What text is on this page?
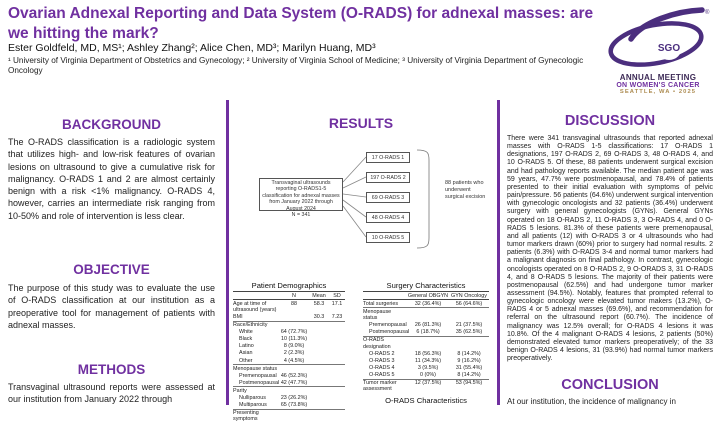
Ovarian Adnexal Reporting and Data System (O-RADS) for adnexal masses: are we hitting the mark?
Ester Goldfeld, MD, MS¹; Ashley Zhang²; Alice Chen, MD³; Marilyn Huang, MD³
¹ University of Virginia Department of Obstetrics and Gynecology; ² University of Virginia School of Medicine; ³ University of Virginia Department of Gynecologic Oncology
SGO
®
ANNUAL MEETING
ON WOMEN'S CANCER
SEATTLE, WA • 2025
BACKGROUND
The O-RADS classification is a radiologic system that utilizes high- and low-risk features of ovarian lesions on ultrasound to give a cumulative risk for malignancy. O-RADS 1 and 2 are almost certainly benign with a risk <1% malignancy. O-RADS 4, however, carries an intermediate risk ranging from 10-50% and role of intervention is less clear.
OBJECTIVE
The purpose of this study was to evaluate the use of O-RADS classification at our institution as a preoperative tool for management of patients with adnexal masses.
METHODS
Transvaginal ultrasound reports were assessed at our institution from January 2022 through
RESULTS
Transvaginal ultrasounds reporting O-RADS1-5 classification for adnexal masses from January 2022 through August 2024
N = 341
17 O-RADS 1
197 O-RADS 2
69 O-RADS 3
48 O-RADS 4
10 O-RADS 5
88 patients who underwent surgical excision
Patient Demographics
	N	Mean	SD
Age at time of ultrasound (years)	88	58.3	17.1
BMI		30.3	7.23
Race/Ethnicity			
White	64 (72.7%)		
Black	10 (11.3%)		
Latino	8 (9.0%)		
Asian	2 (2.3%)		
Other	4 (4.5%)		
Menopause status			
Premenopausal	46 (52.3%)		
Postmenopausal	42 (47.7%)		
Parity			
Nulliparous	23 (26.2%)		
Multiparous	65 (73.8%)		
Presenting symptoms			
Surgery Characteristics
	General OBGYN	GYN Oncology
Total surgeries	32 (36.4%)	56 (64.6%)
Menopause status		
Premenopausal	26 (81.3%)	21 (37.5%)
Postmenopausal	6 (18.7%)	35 (62.5%)
O-RADS designation		
O-RADS 2	18 (56.3%)	8 (14.2%)
O-RADS 3	11 (34.3%)	9 (16.2%)
O-RADS 4	3 (9.5%)	31 (55.4%)
O-RADS 5	0 (0%)	8 (14.2%)
Tumor marker assessment	12 (37.5%)	53 (94.5%)
O-RADS Characteristics
DISCUSSION
There were 341 transvaginal ultrasounds that reported adnexal masses with O-RADS 1-5 classifications: 17 O-RADS 1 designations, 197 O-RADS 2, 69 O-RADS 3, 48 O-RADS 4, and 10 O-RADS 5. Of these, 88 patients underwent surgical excision and had pathology reports available. The median patient age was 59 years, 47.7% were postmenopausal, and 78.4% of patients presented to their initial evaluation with symptoms of pelvic pain/pressure. 56 patients (64.6%) underwent surgical intervention with gynecologic oncologists and 32 patients (36.4%) underwent surgery with general gynecologists (GYNs). General GYNs operated on 18 O-RADS 2, 11 O-RADS 3, 3 O-RADS 4, and 0 O-RADS 5 lesions. 81.3% of these patients were premenopausal, and all patients (12) with O-RADS 3 or 4 ultrasounds who had tumor markers drawn (60%) prior to surgery had normal results. 2 patients (6.3%) with O-RADS 3-4 and normal tumor markers had a malignant diagnosis on final pathology. In contrast, gynecologic oncologists operated on 8 O-RADS 2, 9 O-ORADS 3, 31 O-RADS 4, and 8 O-RADS 5 lesions. The majority of their patients were postmenopausal (62.5%) and had undergone tumor marker assessment (94.5%). Notably, features that prompted referral to gynecologic oncology were elevated tumor makers (13.2%), O-RADS 4 or 5 adnexal masses (69.6%), and recommendation for referral on the ultrasound report (60.7%). The incidence of malignancy was 12.5% overall; for O-RADS 4 lesions it was 10.8%. Of the 4 malignant O-RADS 4 lesions, 2 patients (50%) demonstrated elevated tumor markers preoperatively; of the 33 benign O-RADS 4 lesions, 31 (93.9%) had normal tumor markers preoperatively.
CONCLUSION
At our institution, the incidence of malignancy in
